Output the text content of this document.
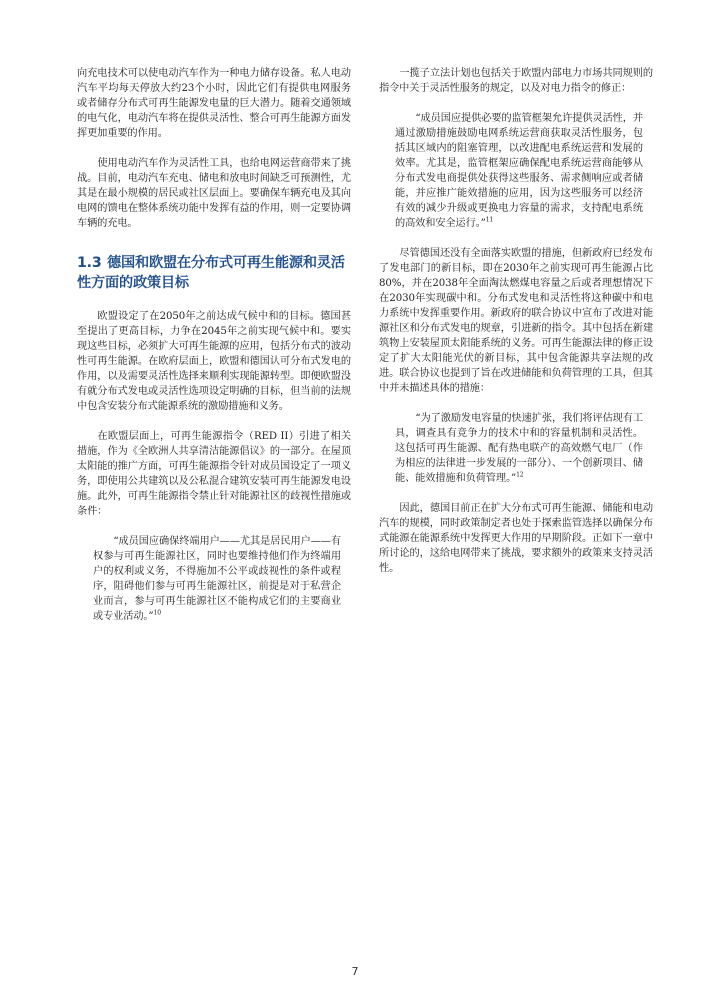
向充电技术可以使电动汽车作为一种电力储存设备。私人电动汽车平均每天停放大约23个小时，因此它们有提供电网服务或者储存分布式可再生能源发电量的巨大潜力。随着交通领域的电气化，电动汽车将在提供灵活性、整合可再生能源方面发挥更加重要的作用。

使用电动汽车作为灵活性工具，也给电网运营商带来了挑战。目前，电动汽车充电、储电和放电时间缺乏可预测性，尤其是在最小规模的居民或社区层面上。要确保车辆充电及其向电网的馈电在整体系统功能中发挥有益的作用，则一定要协调车辆的充电。

1.3 德国和欧盟在分布式可再生能源和灵活性方面的政策目标

欧盟设定了在2050年之前达成气候中和的目标。德国甚至提出了更高目标，力争在2045年之前实现气候中和。要实现这些目标，必须扩大可再生能源的应用，包括分布式的波动性可再生能源。在欧府层面上，欧盟和德国认可分布式发电的作用，以及需要灵活性选择来顺利实现能源转型。即便欧盟没有就分布式发电或灵活性选项设定明确的目标，但当前的法规中包含安装分布式能源系统的激励措施和义务。

在欧盟层面上，可再生能源指令（RED II）引进了相关措施，作为《全欧洲人共享清洁能源倡议》的一部分。在屋顶太阳能的推广方面，可再生能源指令针对成员国设定了一项义务，即使用公共建筑以及公私混合建筑安装可再生能源发电设施。此外，可再生能源指令禁止针对能源社区的歧视性措施或条件：

“成员国应确保终端用户——尤其是居民用户——有权参与可再生能源社区，同时也要维持他们作为终端用户的权利或义务，不得施加不公平或歧视性的条件或程序，阻碍他们参与可再生能源社区，前提是对于私营企业而言，参与可再生能源社区不能构成它们的主要商业或专业活动。”$^{10}$

一揽子立法计划也包括关于欧盟内部电力市场共同规则的指令中关于灵活性服务的规定，以及对电力指令的修正：

“成员国应提供必要的监管框架允许提供灵活性，并通过激励措施鼓励电网系统运营商获取灵活性服务，包括其区域内的阻塞管理，以改进配电系统运营和发展的效率。尤其是，监管框架应确保配电系统运营商能够从分布式发电商提供处获得这些服务、需求侧响应或者储能，并应推广能效措施的应用，因为这些服务可以经济有效的减少升级或更换电力容量的需求，支持配电系统的高效和安全运行。”$^{11}$

尽管德国还没有全面落实欧盟的措施，但新政府已经发布了发电部门的新目标，即在2030年之前实现可再生能源占比80%，并在2038年全面淘汰燃煤电容量之后或者理想情况下在2030年实现碳中和。分布式发电和灵活性将这种碳中和电力系统中发挥重要作用。新政府的联合协议中宣布了改进对能源社区和分布式发电的规章，引进新的指令。其中包括在新建筑物上安装屋顶太阳能系统的义务。可再生能源法律的修正设定了扩大太阳能光伏的新目标，其中包含能源共享法规的改进。联合协议也提到了旨在改进储能和负荷管理的工具，但其中并未描述具体的措施：

“为了激励发电容量的快速扩张，我们将评估现有工具，调查具有竞争力的技术中和的容量机制和灵活性。这包括可再生能源、配有热电联产的高效燃气电厂（作为相应的法律进一步发展的一部分）、一个创新项目、储能、能效措施和负荷管理。”$^{12}$

因此，德国目前正在扩大分布式可再生能源、储能和电动汽车的规模，同时政策制定者也处于探索监管选择以确保分布式能源在能源系统中发挥更大作用的早期阶段。正如下一章中所讨论的，这给电网带来了挑战，要求额外的政策来支持灵活性。

7
